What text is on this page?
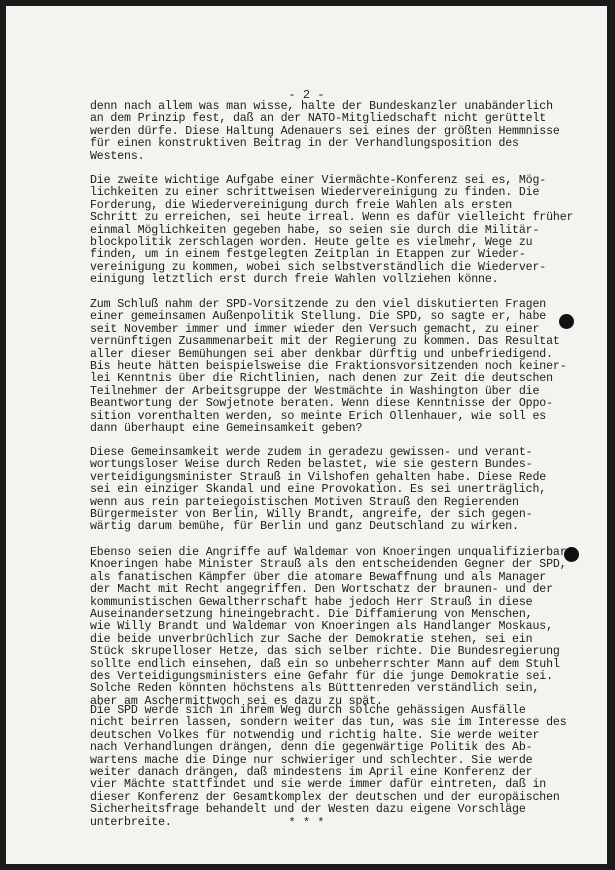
- 2 -
denn nach allem was man wisse, halte der Bundeskanzler unabänderlich
an dem Prinzip fest, daß an der NATO-Mitgliedschaft nicht gerüttelt
werden dürfe. Diese Haltung Adenauers sei eines der größten Hemmnisse
für einen konstruktiven Beitrag in der Verhandlungsposition des
Westens.
Die zweite wichtige Aufgabe einer Viermächte-Konferenz sei es, Mög-
lichkeiten zu einer schrittweisen Wiedervereinigung zu finden. Die
Forderung, die Wiedervereinigung durch freie Wahlen als ersten
Schritt zu erreichen, sei heute irreal. Wenn es dafür vielleicht früher
einmal Möglichkeiten gegeben habe, so seien sie durch die Militär-
blockpolitik zerschlagen worden. Heute gelte es vielmehr, Wege zu
finden, um in einem festgelegten Zeitplan in Etappen zur Wieder-
vereinigung zu kommen, wobei sich selbstverständlich die Wiederver-
einigung letztlich erst durch freie Wahlen vollziehen könne.
Zum Schluß nahm der SPD-Vorsitzende zu den viel diskutierten Fragen
einer gemeinsamen Außenpolitik Stellung. Die SPD, so sagte er, habe
seit November immer und immer wieder den Versuch gemacht, zu einer
vernünftigen Zusammenarbeit mit der Regierung zu kommen. Das Resultat
aller dieser Bemühungen sei aber denkbar dürftig und unbefriedigend.
Bis heute hätten beispielsweise die Fraktionsvorsitzenden noch keiner-
lei Kenntnis über die Richtlinien, nach denen zur Zeit die deutschen
Teilnehmer der Arbeitsgruppe der Westmächte in Washington über die
Beantwortung der Sowjetnote beraten. Wenn diese Kenntnisse der Oppo-
sition vorenthalten werden, so meinte Erich Ollenhauer, wie soll es
dann überhaupt eine Gemeinsamkeit geben?
Diese Gemeinsamkeit werde zudem in geradezu gewissen- und verant-
wortungsloser Weise durch Reden belastet, wie sie gestern Bundes-
verteidigungsminister Strauß in Vilshofen gehalten habe. Diese Rede
sei ein einziger Skandal und eine Provokation. Es sei unerträglich,
wenn aus rein parteiegoistischen Motiven Strauß den Regierenden
Bürgermeister von Berlin, Willy Brandt, angreife, der sich gegen-
wärtig darum bemühe, für Berlin und ganz Deutschland zu wirken.
Ebenso seien die Angriffe auf Waldemar von Knoeringen unqualifizierbar
Knoeringen habe Minister Strauß als den entscheidenden Gegner der SPD,
als fanatischen Kämpfer über die atomare Bewaffnung und als Manager
der Macht mit Recht angegriffen. Den Wortschatz der braunen- und der
kommunistischen Gewaltherrschaft habe jedoch Herr Strauß in diese
Auseinandersetzung hineingebracht. Die Diffamierung von Menschen,
wie Willy Brandt und Waldemar von Knoeringen als Handlanger Moskaus,
die beide unverbrüchlich zur Sache der Demokratie stehen, sei ein
Stück skrupelloser Hetze, das sich selber richte. Die Bundesregierung
sollte endlich einsehen, daß ein so unbeherrschter Mann auf dem Stuhl
des Verteidigungsministers eine Gefahr für die junge Demokratie sei.
Solche Reden könnten höchstens als Bütttenreden verständlich sein,
aber am Aschermittwoch sei es dazu zu spät.
Die SPD werde sich in ihrem Weg durch solche gehässigen Ausfälle
nicht beirren lassen, sondern weiter das tun, was sie im Interesse des
deutschen Volkes für notwendig und richtig halte. Sie werde weiter
nach Verhandlungen drängen, denn die gegenwärtige Politik des Ab-
wartens mache die Dinge nur schwieriger und schlechter. Sie werde
weiter danach drängen, daß mindestens im April eine Konferenz der
vier Mächte stattfindet und sie werde immer dafür eintreten, daß in
dieser Konferenz der Gesamtkomplex der deutschen und der europäischen
Sicherheitsfrage behandelt und der Westen dazu eigene Vorschläge
unterbreite.	* * *
